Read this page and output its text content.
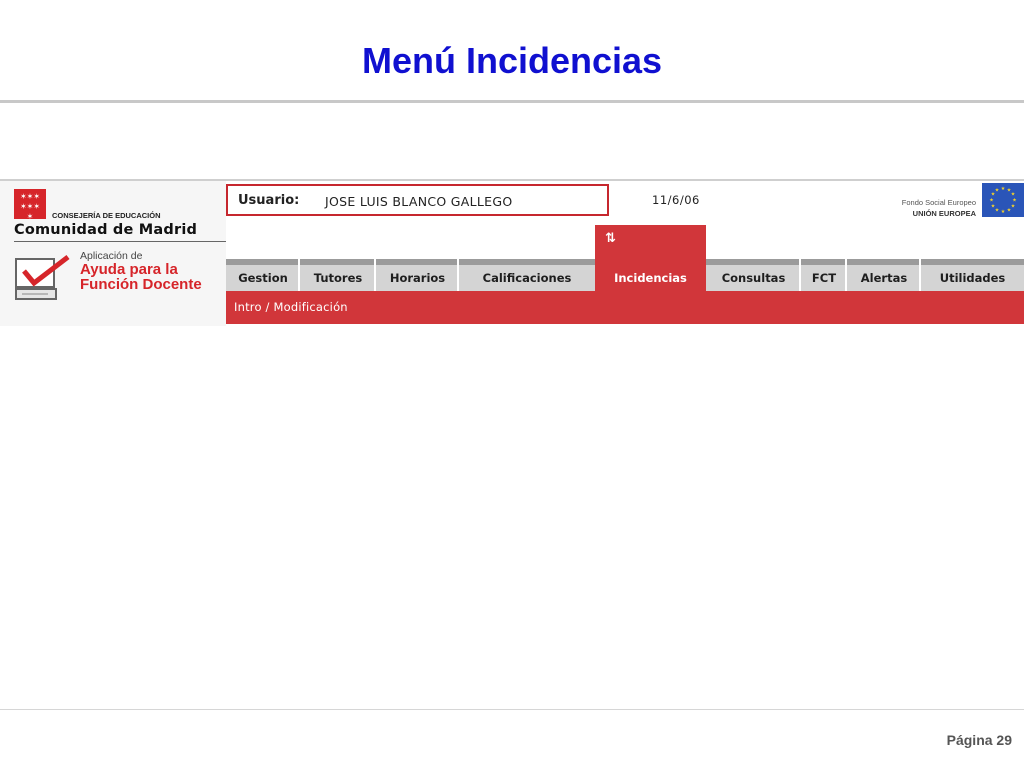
Menú Incidencias
✶✶✶
✶✶✶
✶	CONSEJERÍA DE EDUCACIÓN
Comunidad de Madrid
Aplicación de
Ayuda para la
Función Docente
Usuario: JOSE LUIS BLANCO GALLEGO	11/6/06	Fondo Social Europeo
UNIÓN EUROPEA
★ ★
★
★
★
★
★
★
★
★
★
★
⇅
Gestion	Tutores	Horarios	Calificaciones	Incidencias	Consultas	FCT	Alertas	Utilidades
Intro / Modificación
Página 29
